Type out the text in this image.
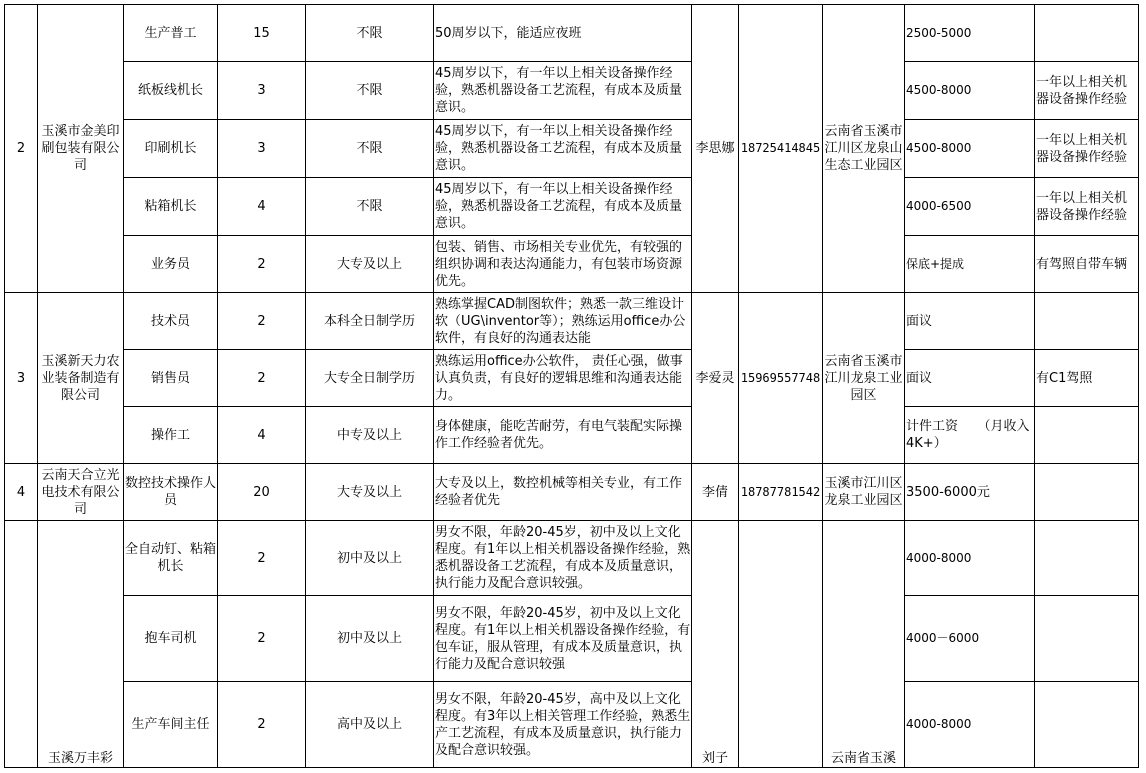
2	玉溪市金美印刷包装有限公司	生产普工	15	不限	50周岁以下，能适应夜班	李思娜	18725414845	云南省玉溪市江川区龙泉山生态工业园区	2500-5000	
		纸板线机长	3	不限	45周岁以下，有一年以上相关设备操作经验，熟悉机器设备工艺流程，有成本及质量意识。				4500-8000	一年以上相关机器设备操作经验
		印刷机长	3	不限	45周岁以下，有一年以上相关设备操作经验，熟悉机器设备工艺流程，有成本及质量意识。				4500-8000	一年以上相关机器设备操作经验
		粘箱机长	4	不限	45周岁以下，有一年以上相关设备操作经验，熟悉机器设备工艺流程，有成本及质量意识。				4000-6500	一年以上相关机器设备操作经验
		业务员	2	大专及以上	包装、销售、市场相关专业优先，有较强的组织协调和表达沟通能力，有包装市场资源优先。				保底+提成	有驾照自带车辆
3	玉溪新天力农业装备制造有限公司	技术员	2	本科全日制学历	熟练掌握CAD制图软件；熟悉一款三维设计软（UG\inventor等）；熟练运用office办公软件，有良好的沟通表达能	李爱灵	15969557748	云南省玉溪市江川龙泉工业园区	面议	
		销售员	2	大专全日制学历	熟练运用office办公软件， 责任心强，做事认真负责，有良好的逻辑思维和沟通表达能力。				面议	有C1驾照
		操作工	4	中专及以上	身体健康，能吃苦耐劳，有电气装配实际操作工作经验者优先。				计件工资　　（月收入4K+）	
4	云南天合立光电技术有限公司	数控技术操作人员	20	大专及以上	大专及以上，数控机械等相关专业，有工作经验者优先	李倩	18787781542	玉溪市江川区龙泉工业园区	3500-6000元	
	玉溪万丰彩	全自动钉、粘箱机长	2	初中及以上	男女不限，年龄20-45岁，初中及以上文化程度。有1年以上相关机器设备操作经验，熟悉机器设备工艺流程，有成本及质量意识，执行能力及配合意识较强。	刘子		云南省玉溪	4000-8000	
		抱车司机	2	初中及以上	男女不限，年龄20-45岁，初中及以上文化程度。有1年以上相关机器设备操作经验，有包车证，服从管理，有成本及质量意识，执行能力及配合意识较强				4000－6000	
		生产车间主任	2	高中及以上	男女不限，年龄20-45岁，高中及以上文化程度。有3年以上相关管理工作经验，熟悉生产工艺流程，有成本及质量意识，执行能力及配合意识较强。				4000-8000	
